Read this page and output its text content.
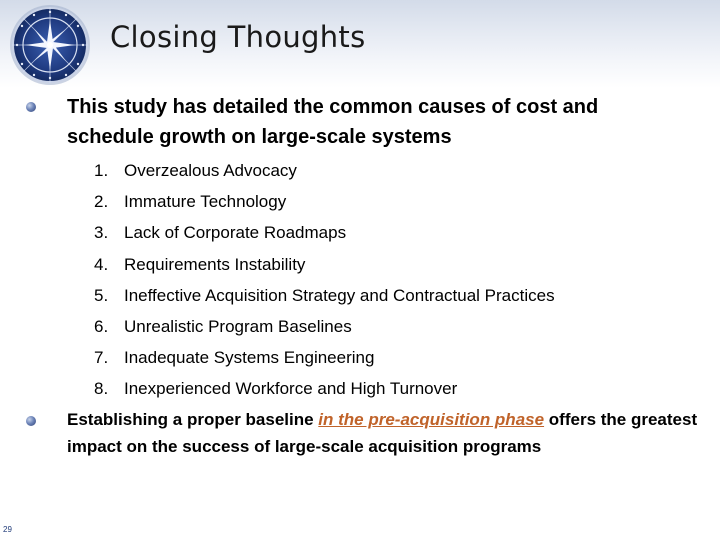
Closing Thoughts
This study has detailed the common causes of cost and schedule growth on large-scale systems
1. Overzealous Advocacy
2. Immature Technology
3. Lack of Corporate Roadmaps
4. Requirements Instability
5. Ineffective Acquisition Strategy and Contractual Practices
6. Unrealistic Program Baselines
7. Inadequate Systems Engineering
8. Inexperienced Workforce and High Turnover
Establishing a proper baseline in the pre-acquisition phase offers the greatest impact on the success of large-scale acquisition programs
29
